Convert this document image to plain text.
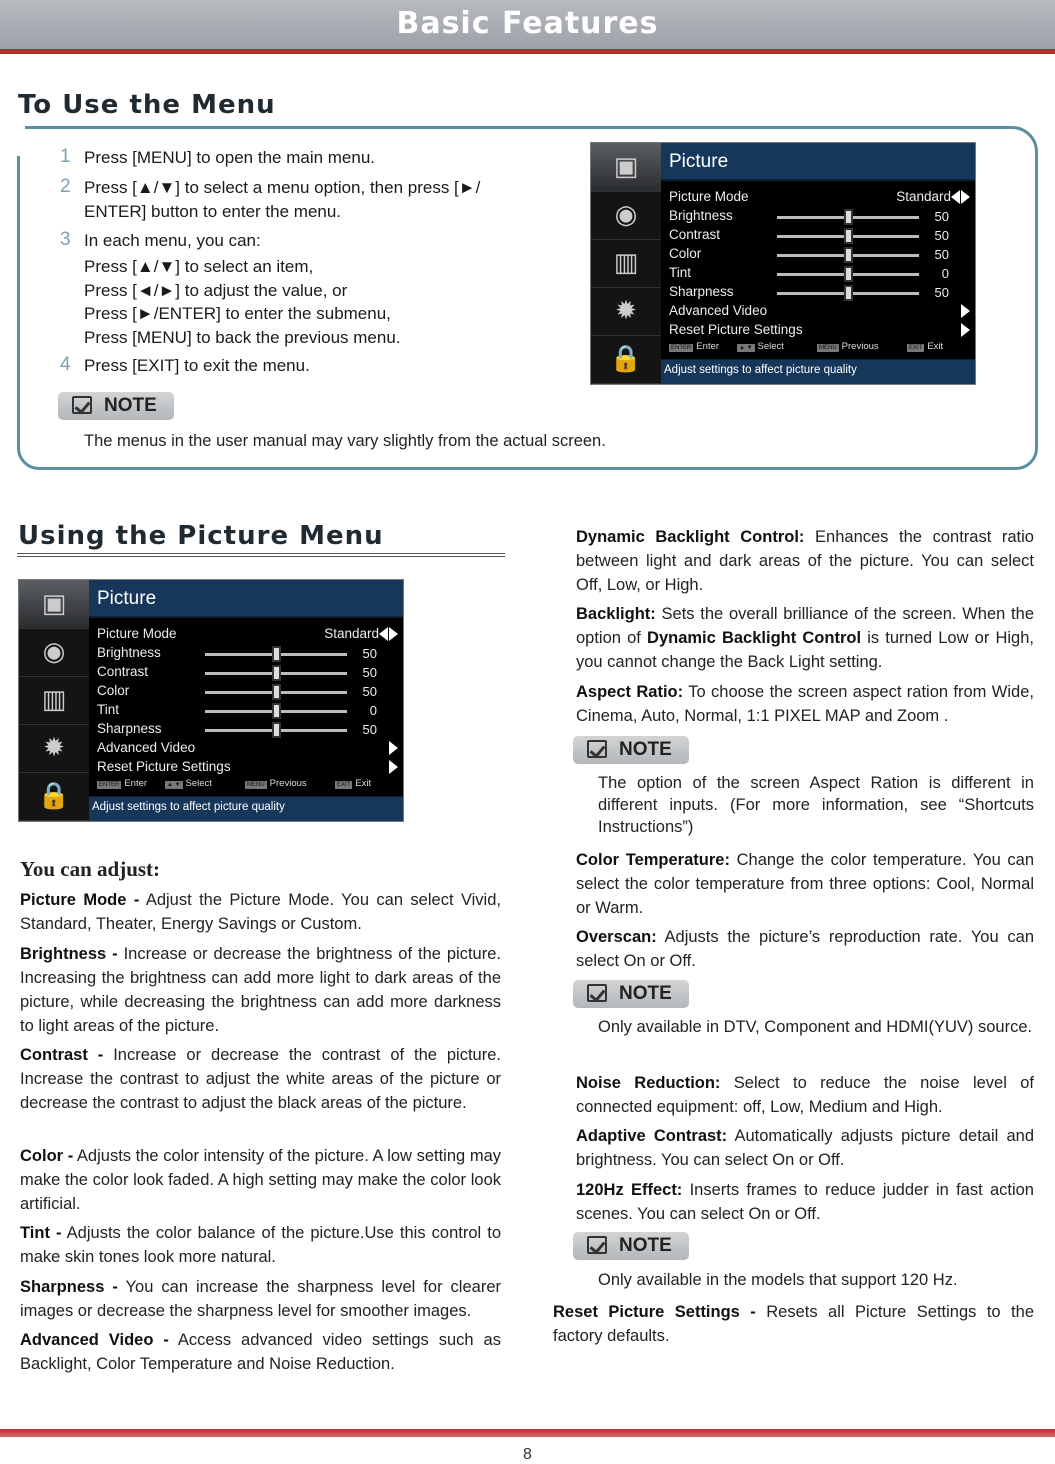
Basic Features
To Use the Menu
1 Press [MENU] to open the main menu.
2 Press [▲/▼] to select a menu option, then press [►/
ENTER] button to enter the menu.
3 In each menu, you can:
Press [▲/▼] to select an item,
Press [◄/►] to adjust the value, or
Press [►/ENTER] to enter the submenu,
Press [MENU] to back the previous menu.
4 Press [EXIT] to exit the menu.
NOTE
The menus in the user manual may vary slightly from the actual screen.
▣
◉
▥
✹
🔒
Picture
Picture Mode	Standard
Brightness	50
Contrast	50
Color	50
Tint	0
Sharpness	50
Advanced Video
Reset Picture Settings
ENTER Enter	▲ ▼ Select	MENU Previous	EXIT Exit
Adjust settings to affect picture quality
Using the Picture Menu
▣
◉
▥
✹
🔒
Picture
Picture Mode	Standard
Brightness	50
Contrast	50
Color	50
Tint	0
Sharpness	50
Advanced Video
Reset Picture Settings
ENTER Enter	▲ ▼ Select	MENU Previous	EXIT Exit
Adjust settings to affect picture quality
You can adjust:
Picture Mode - Adjust the Picture Mode. You can select Vivid, Standard, Theater, Energy Savings or Custom.
Brightness - Increase or decrease the brightness of the picture. Increasing the brightness can add more light to dark areas of the picture, while decreasing the brightness can add more darkness to light areas of the picture.
Contrast - Increase or decrease the contrast of the picture. Increase the contrast to adjust the white areas of the picture or decrease the contrast to adjust the black areas of the picture.
Color - Adjusts the color intensity of the picture. A low setting may make the color look faded. A high setting may make the color look artificial.
Tint - Adjusts the color balance of the picture.Use this control to make skin tones look more natural.
Sharpness - You can increase the sharpness level for clearer images or decrease the sharpness level for smoother images.
Advanced Video - Access advanced video settings such as Backlight, Color Temperature and Noise Reduction.
Dynamic Backlight Control: Enhances the contrast ratio between light and dark areas of the picture. You can select Off, Low, or High.
Backlight: Sets the overall brilliance of the screen. When the option of Dynamic Backlight Control is turned Low or High, you cannot change the Back Light setting.
Aspect Ratio: To choose the screen aspect ration from Wide, Cinema, Auto, Normal, 1:1 PIXEL MAP and Zoom .
NOTE
The option of the screen Aspect Ration is different in different inputs. (For more information, see “Shortcuts Instructions”)
Color Temperature: Change the color temperature. You can select the color temperature from three options: Cool, Normal or Warm.
Overscan: Adjusts the picture’s reproduction rate. You can select On or Off.
NOTE
Only available in DTV, Component and HDMI(YUV) source.
Noise Reduction: Select to reduce the noise level of connected equipment: off, Low, Medium and High.
Adaptive Contrast: Automatically adjusts picture detail and brightness. You can select On or Off.
120Hz Effect: Inserts frames to reduce judder in fast action scenes. You can select On or Off.
NOTE
Only available in the models that support 120 Hz.
Reset Picture Settings - Resets all Picture Settings to the factory defaults.
8
